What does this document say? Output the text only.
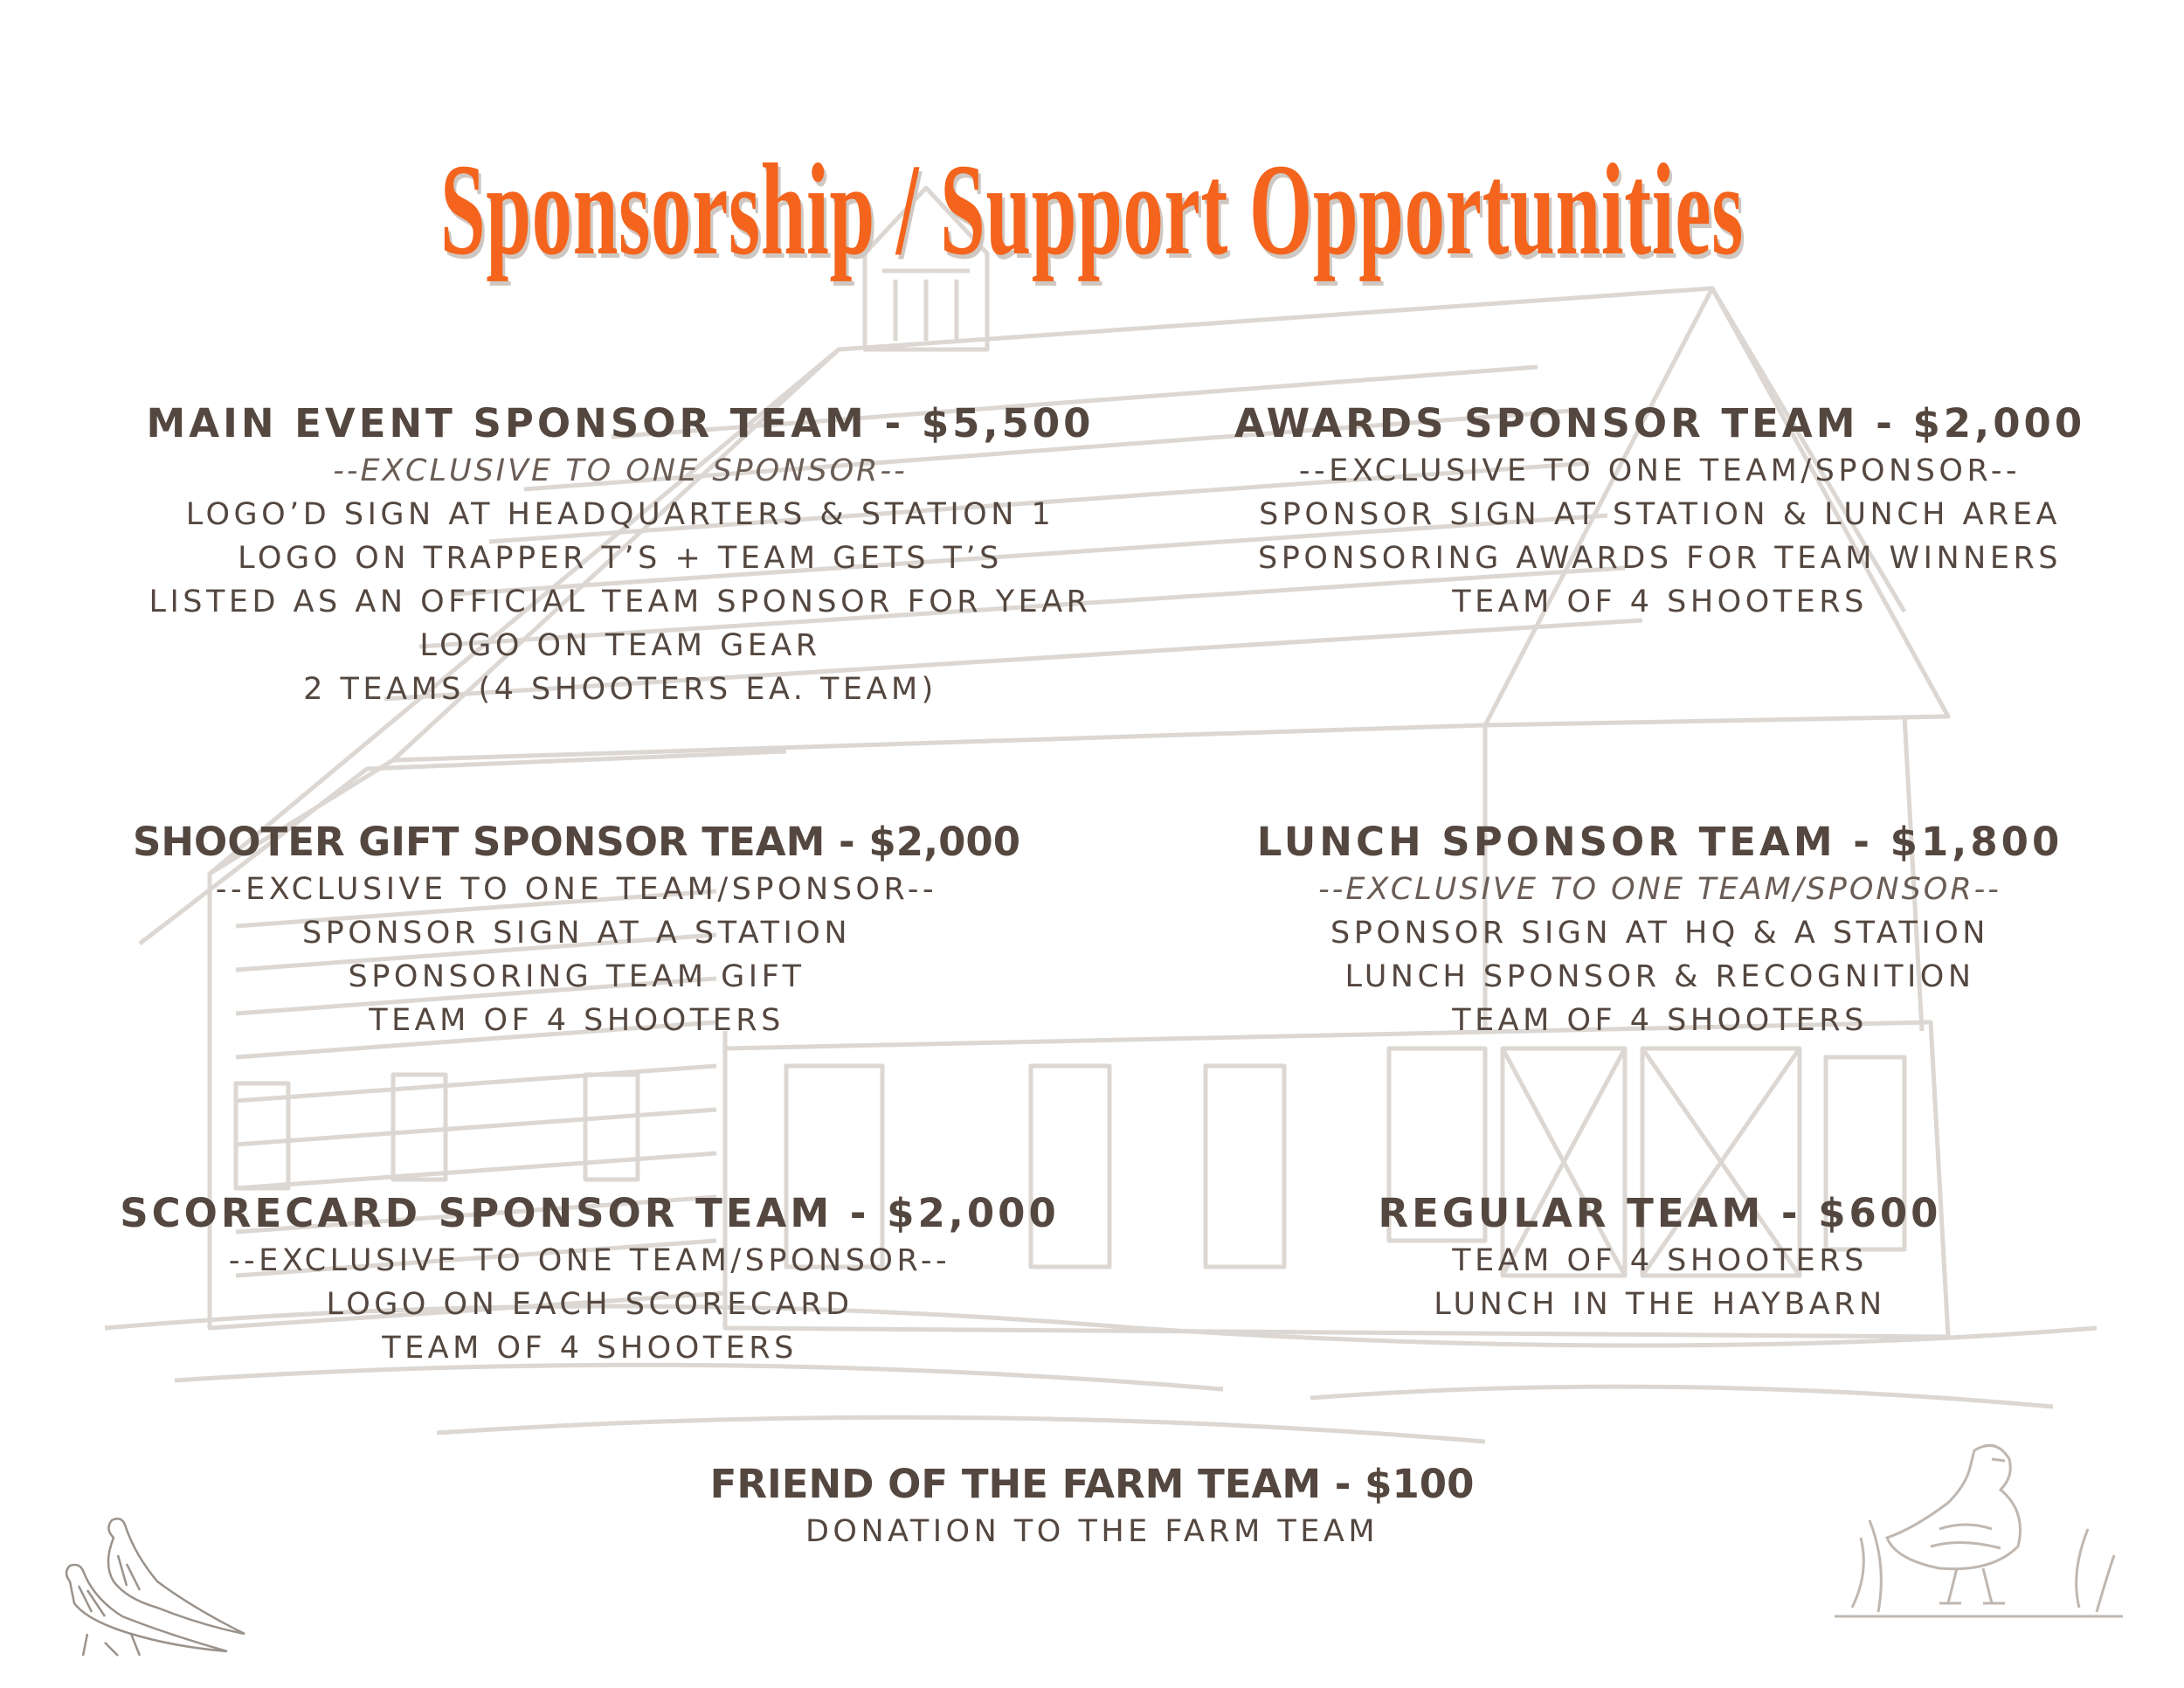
Sponsorship / Support Opportunities
MAIN EVENT SPONSOR TEAM - $5,500
--EXCLUSIVE TO ONE SPONSOR--
LOGO’D SIGN AT HEADQUARTERS & STATION 1
LOGO ON TRAPPER T’S + TEAM GETS T’S
LISTED AS AN OFFICIAL TEAM SPONSOR FOR YEAR
LOGO ON TEAM GEAR
2 TEAMS (4 SHOOTERS EA. TEAM)
AWARDS SPONSOR TEAM - $2,000
--EXCLUSIVE TO ONE TEAM/SPONSOR--
SPONSOR SIGN AT STATION & LUNCH AREA
SPONSORING AWARDS FOR TEAM WINNERS
TEAM OF 4 SHOOTERS
SHOOTER GIFT SPONSOR TEAM - $2,000
--EXCLUSIVE TO ONE TEAM/SPONSOR--
SPONSOR SIGN AT A STATION
SPONSORING TEAM GIFT
TEAM OF 4 SHOOTERS
LUNCH SPONSOR TEAM - $1,800
--EXCLUSIVE TO ONE TEAM/SPONSOR--
SPONSOR SIGN AT HQ & A STATION
LUNCH SPONSOR & RECOGNITION
TEAM OF 4 SHOOTERS
SCORECARD SPONSOR TEAM - $2,000
--EXCLUSIVE TO ONE TEAM/SPONSOR--
LOGO ON EACH SCORECARD
TEAM OF 4 SHOOTERS
REGULAR TEAM - $600
TEAM OF 4 SHOOTERS
LUNCH IN THE HAYBARN
FRIEND OF THE FARM TEAM - $100
DONATION TO THE FARM TEAM
